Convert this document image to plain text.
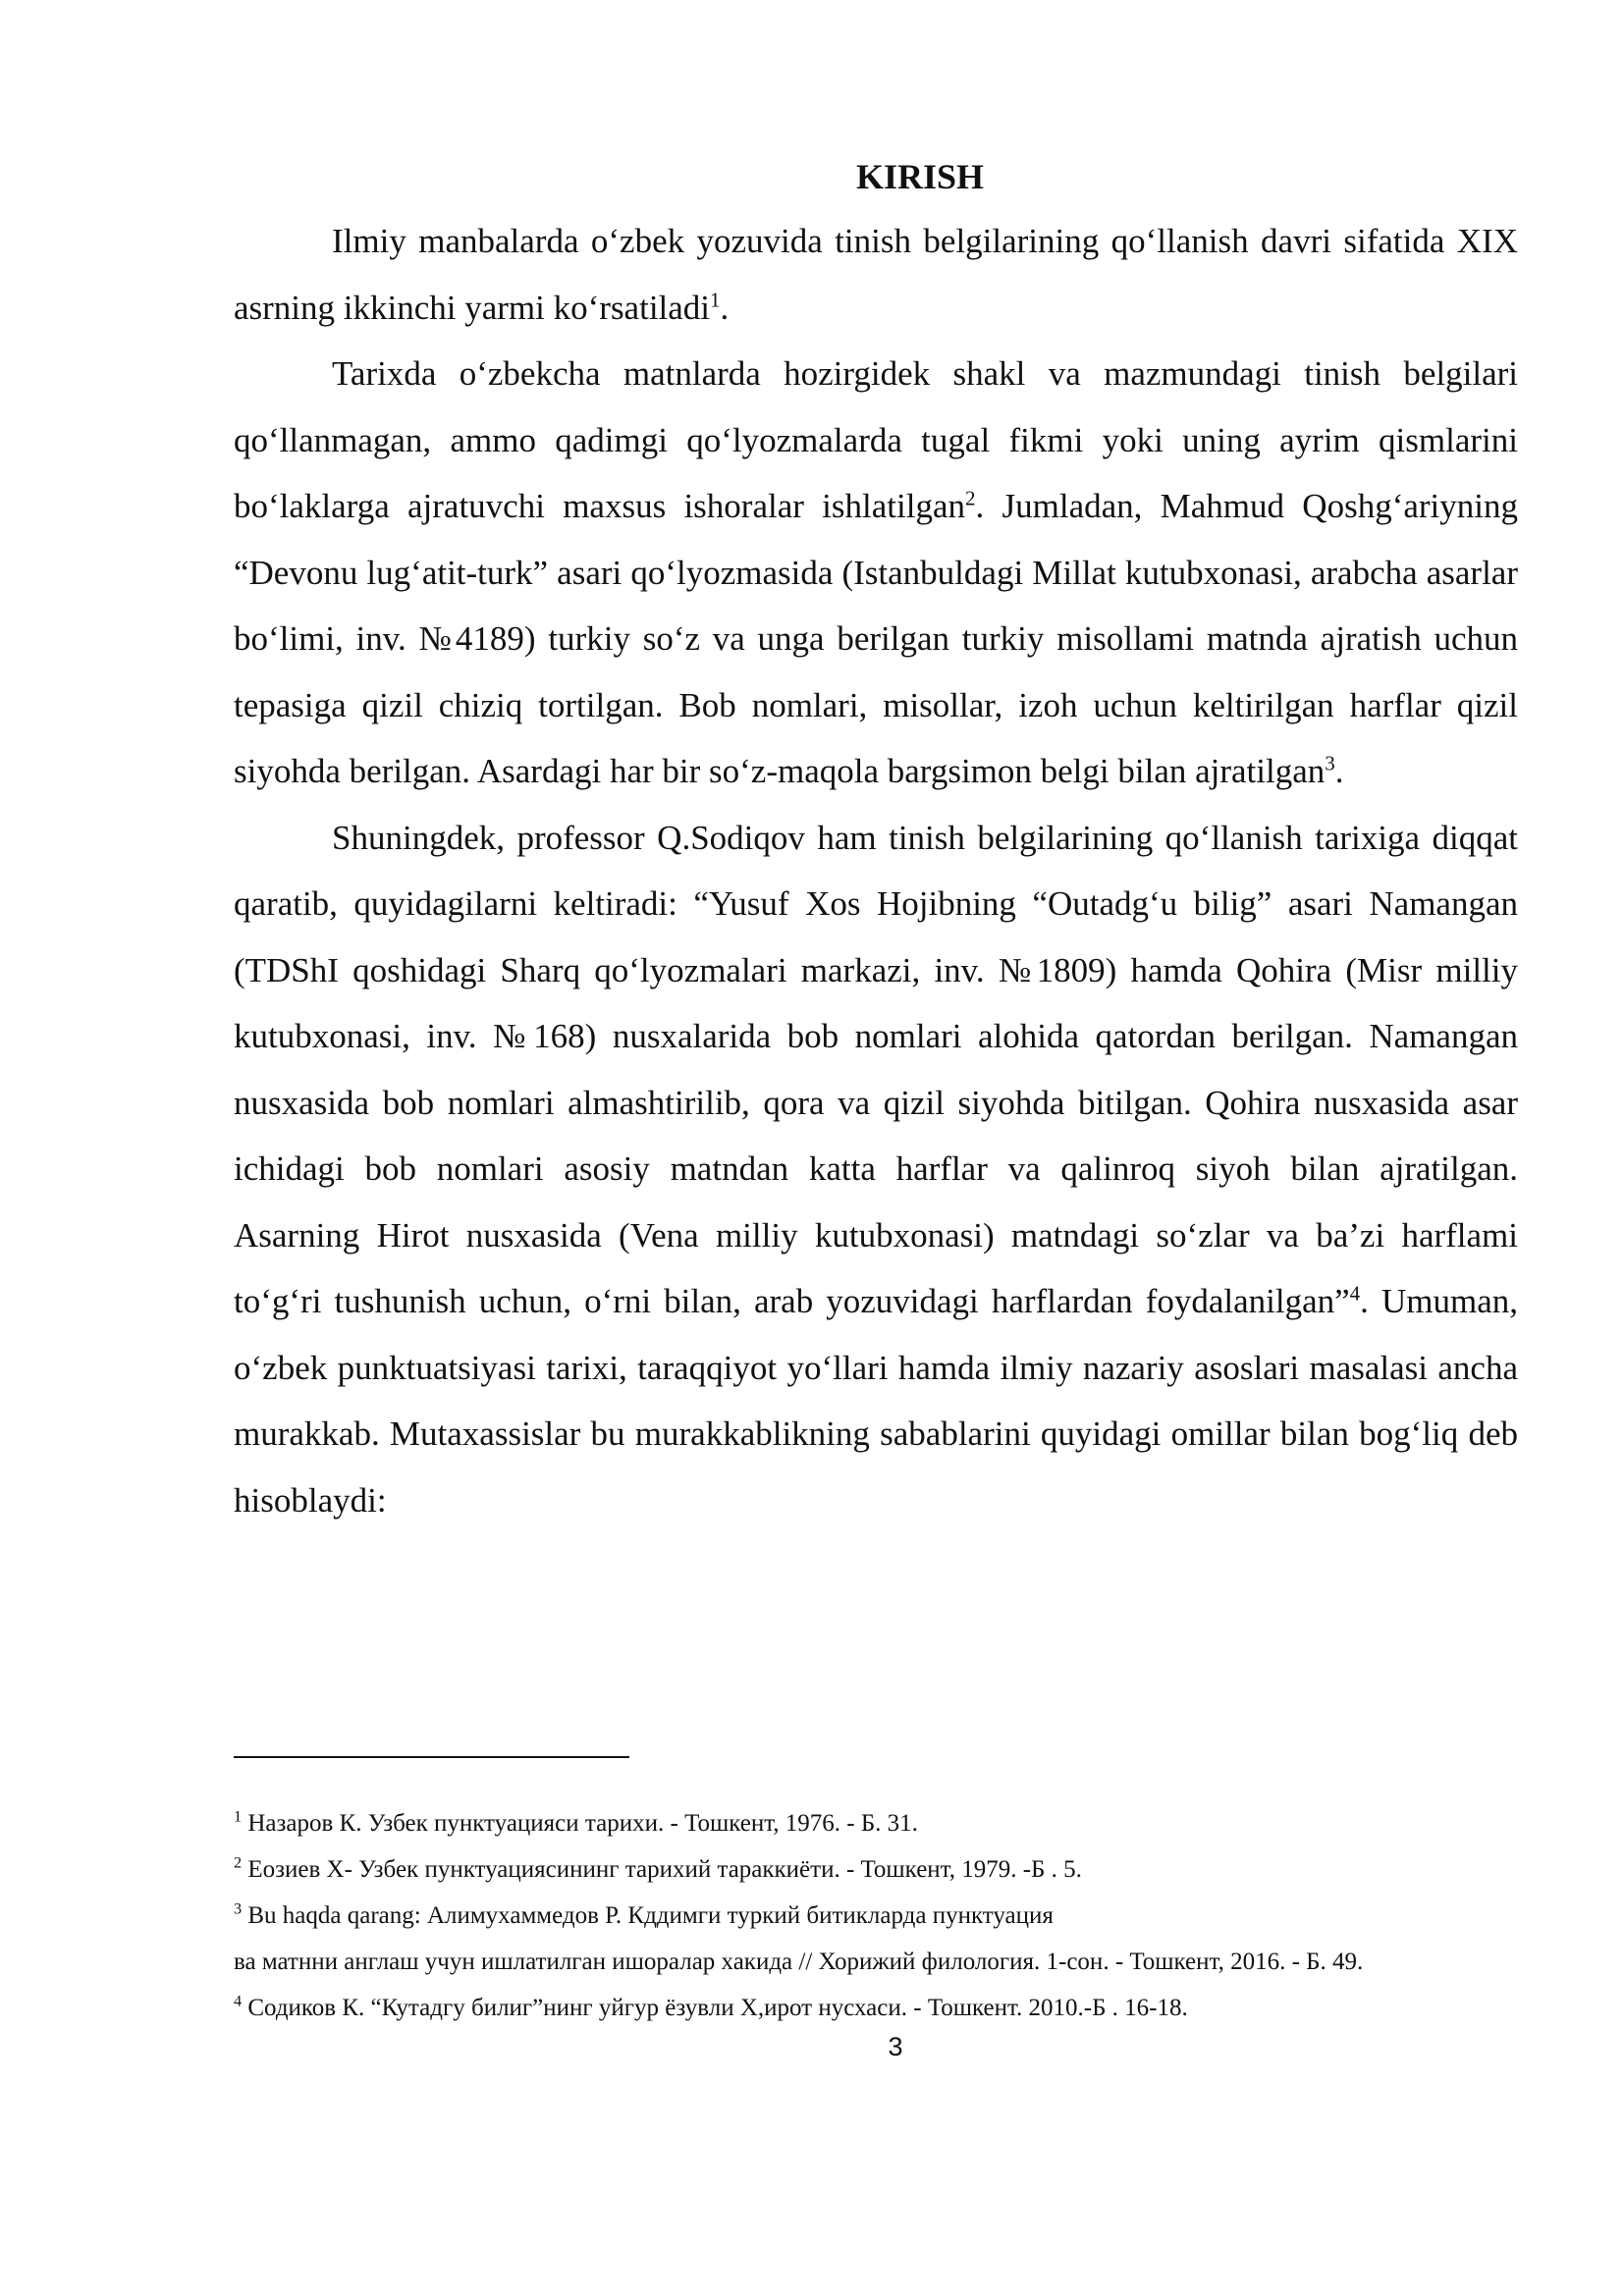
KIRISH

Ilmiy manbalarda o‘zbek yozuvida tinish belgilarining qo‘llanish davri sifatida XIX asrning ikkinchi yarmi ko‘rsatiladi$^1$.

Tarixda o‘zbekcha matnlarda hozirgidek shakl va mazmundagi tinish belgilari qo‘llanmagan, ammo qadimgi qo‘lyozmalarda tugal fikmi yoki uning ayrim qismlarini bo‘laklarga ajratuvchi maxsus ishoralar ishlatilgan$^2$. Jumladan, Mahmud Qoshg‘ariyning “Devonu lug‘atit-turk” asari qo‘lyozmasida (Istanbuldagi Millat kutubxonasi, arabcha asarlar bo‘limi, inv. №4189) turkiy so‘z va unga berilgan turkiy misollami matnda ajratish uchun tepasiga qizil chiziq tortilgan. Bob nomlari, misollar, izoh uchun keltirilgan harflar qizil siyohda berilgan. Asardagi har bir so‘z-maqola bargsimon belgi bilan ajratilgan$^3$.

Shuningdek, professor Q.Sodiqov ham tinish belgilarining qo‘llanish tarixiga diqqat qaratib, quyidagilarni keltiradi: “Yusuf Xos Hojibning “Outadg‘u bilig” asari Namangan (TDShI qoshidagi Sharq qo‘lyozmalari markazi, inv. №1809) hamda Qohira (Misr milliy kutubxonasi, inv. №168) nusxalarida bob nomlari alohida qatordan berilgan. Namangan nusxasida bob nomlari almashtirilib, qora va qizil siyohda bitilgan. Qohira nusxasida asar ichidagi bob nomlari asosiy matndan katta harflar va qalinroq siyoh bilan ajratilgan. Asarning Hirot nusxasida (Vena milliy kutubxonasi) matndagi so‘zlar va ba’zi harflami to‘g‘ri tushunish uchun, o‘rni bilan, arab yozuvidagi harflardan foydalanilgan”$^4$. Umuman, o‘zbek punktuatsiyasi tarixi, taraqqiyot yo‘llari hamda ilmiy nazariy asoslari masalasi ancha murakkab. Mutaxassislar bu murakkablikning sabablarini quyidagi omillar bilan bog‘liq deb hisoblaydi:

$^1$ Назаров К. Узбек пунктуацияси тарихи. - Тошкент, 1976. - Б. 31.

$^2$ Еозиев Х- Узбек пунктуациясининг тарихий тараккиёти. - Тошкент, 1979. -Б . 5.

$^3$ Bu haqda qarang: Алимухаммедов Р. Кддимги туркий битикларда пунктуация

ва матнни англаш учун ишлатилган ишоралар хакида // Хорижий филология. 1-сон. - Тошкент, 2016. - Б. 49.

$^4$ Содиков К. “Кутадгу билиг”нинг уйгур ёзувли Х,ирот нусхаси. - Тошкент. 2010.-Б . 16-18.

3
